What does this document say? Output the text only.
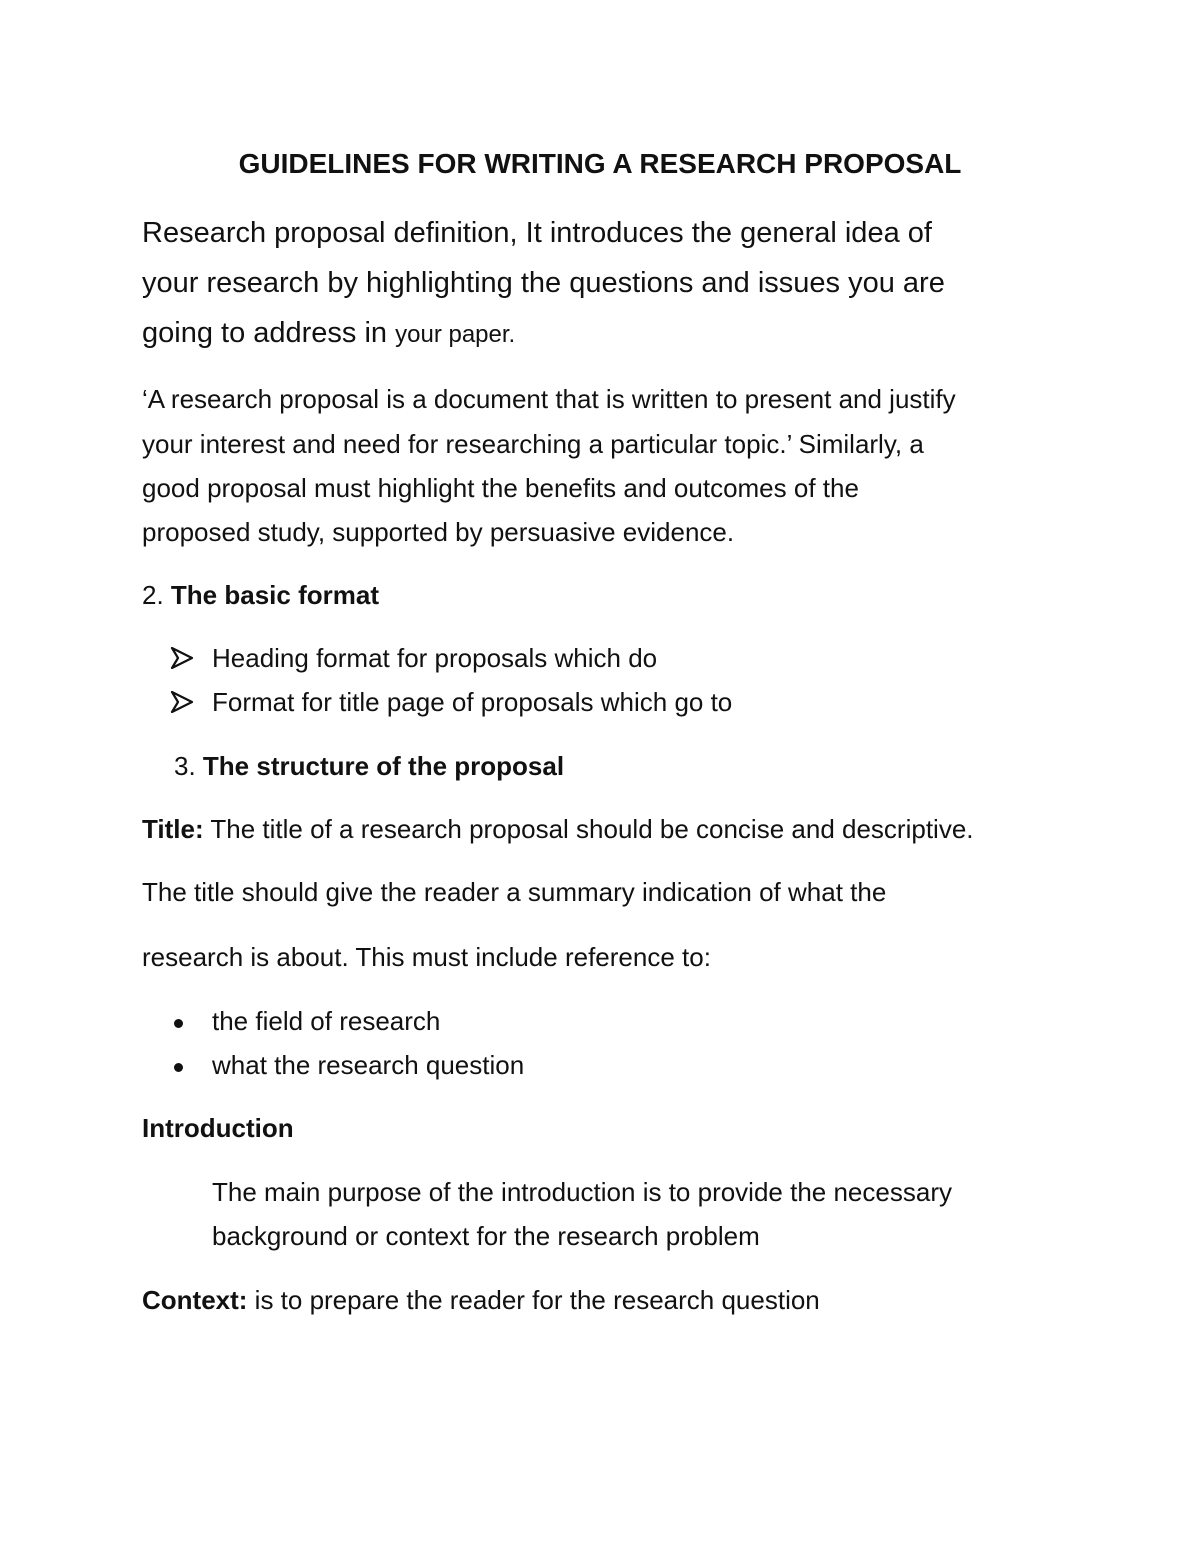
GUIDELINES FOR WRITING A RESEARCH PROPOSAL
Research proposal definition, It introduces the general idea of
your research by highlighting the questions and issues you are
going to address in your paper.
‘A research proposal is a document that is written to present and justify
your interest and need for researching a particular topic.’ Similarly, a
good proposal must highlight the benefits and outcomes of the
proposed study, supported by persuasive evidence.
2. The basic format
Heading format for proposals which do
Format for title page of proposals which go to
3. The structure of the proposal
Title: The title of a research proposal should be concise and descriptive.
The title should give the reader a summary indication of what the
research is about. This must include reference to:
the field of research
what the research question
Introduction
The main purpose of the introduction is to provide the necessary
background or context for the research problem
Context: is to prepare the reader for the research question
